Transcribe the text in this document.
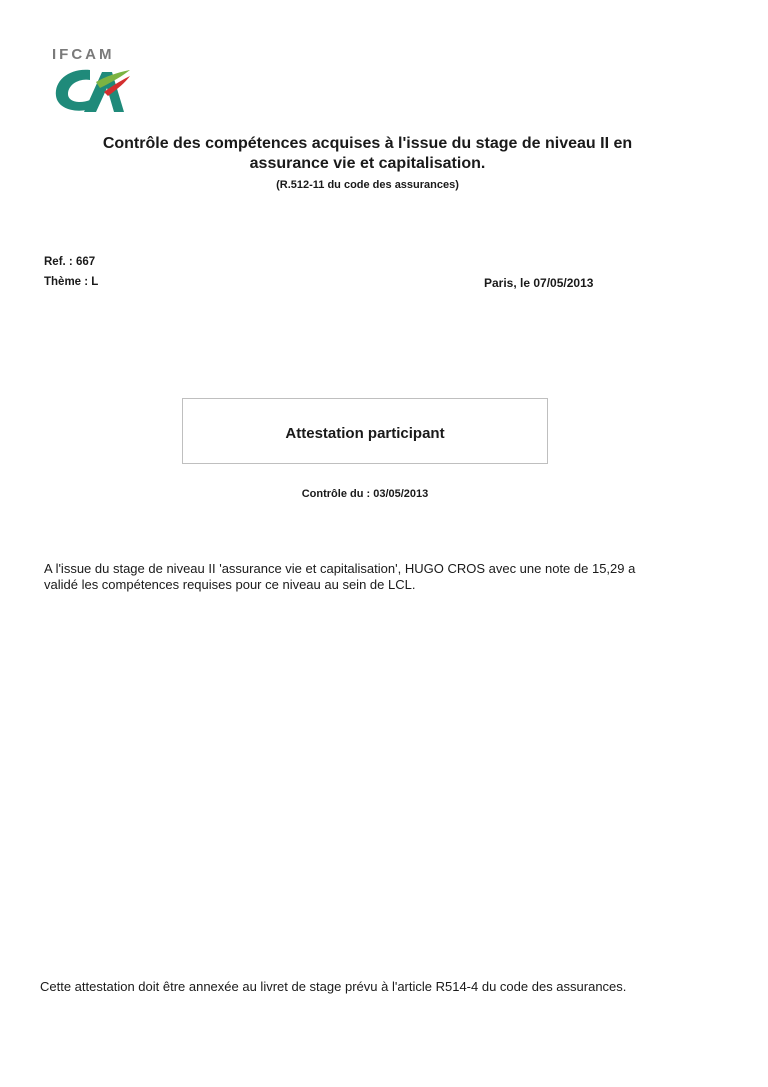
IFCAM
Contrôle des compétences acquises à l'issue du stage de niveau II en
assurance vie et capitalisation.
(R.512-11 du code des assurances)
Ref. : 667
Thème : L	Paris, le 07/05/2013
Attestation participant
Contrôle du : 03/05/2013
A l'issue du stage de niveau II 'assurance vie et capitalisation', HUGO CROS avec une note de 15,29 a
validé les compétences requises pour ce niveau au sein de LCL.
Cette attestation doit être annexée au livret de stage prévu à l'article R514-4 du code des assurances.
